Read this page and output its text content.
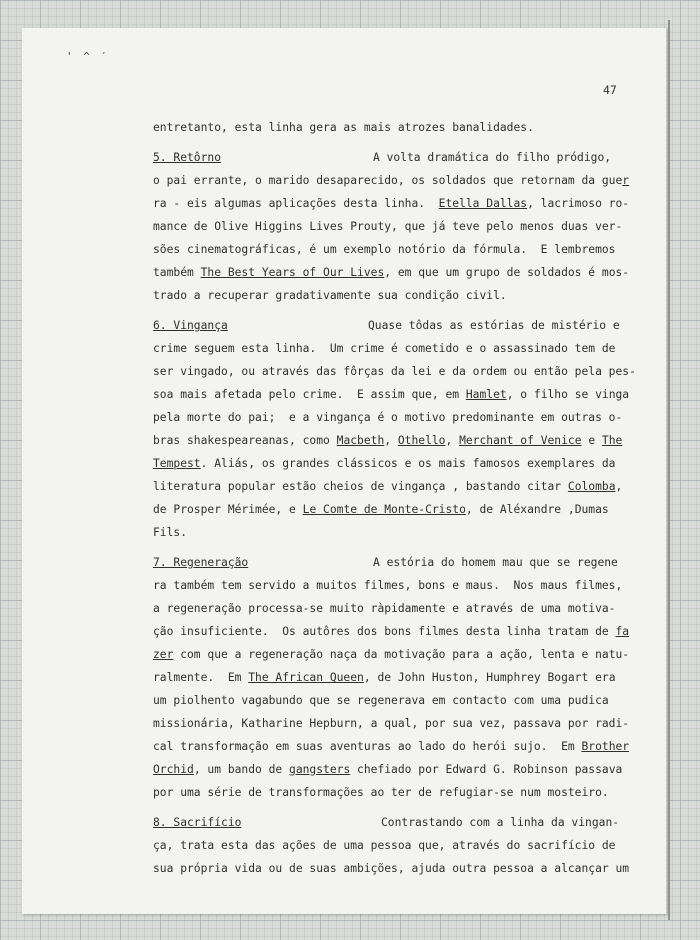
' ^ ′
47
entretanto, esta linha gera as mais atrozes banalidades.
5. Retôrno	A volta dramática do filho pródigo,
o pai errante, o marido desaparecido, os soldados que retornam da guer
ra - eis algumas aplicações desta linha.  Etella Dallas, lacrimoso ro-
mance de Olive Higgins Lives Prouty, que já teve pelo menos duas ver-
sões cinematográficas, é um exemplo notório da fórmula.  E lembremos
também The Best Years of Our Lives, em que um grupo de soldados é mos-
trado a recuperar gradativamente sua condição civil.
6. Vingança	Quase tôdas as estórias de mistério e
crime seguem esta linha.  Um crime é cometido e o assassinado tem de
ser vingado, ou através das fôrças da lei e da ordem ou então pela pes-
soa mais afetada pelo crime.  E assim que, em Hamlet, o filho se vinga
pela morte do pai;  e a vingança é o motivo predominante em outras o-
bras shakespeareanas, como Macbeth, Othello, Merchant of Venice e The
Tempest. Aliás, os grandes clássicos e os mais famosos exemplares da
literatura popular estão cheios de vingança , bastando citar Colomba,
de Prosper Mérimée, e Le Comte de Monte-Cristo, de Aléxandre ,Dumas
Fils.
7. Regeneração	A estória do homem mau que se regene
ra também tem servido a muitos filmes, bons e maus.  Nos maus filmes,
a regeneração processa-se muito ràpidamente e através de uma motiva-
ção insuficiente.  Os autôres dos bons filmes desta linha tratam de fa
zer com que a regeneração naça da motivação para a ação, lenta e natu-
ralmente.  Em The African Queen, de John Huston, Humphrey Bogart era
um piolhento vagabundo que se regenerava em contacto com uma pudica
missionária, Katharine Hepburn, a qual, por sua vez, passava por radi-
cal transformação em suas aventuras ao lado do herói sujo.  Em Brother
Orchid, um bando de gangsters chefiado por Edward G. Robinson passava
por uma série de transformações ao ter de refugiar-se num mosteiro.
8. Sacrifício	Contrastando com a linha da vingan-
ça, trata esta das ações de uma pessoa que, através do sacrifício de
sua própria vida ou de suas ambições, ajuda outra pessoa a alcançar um
